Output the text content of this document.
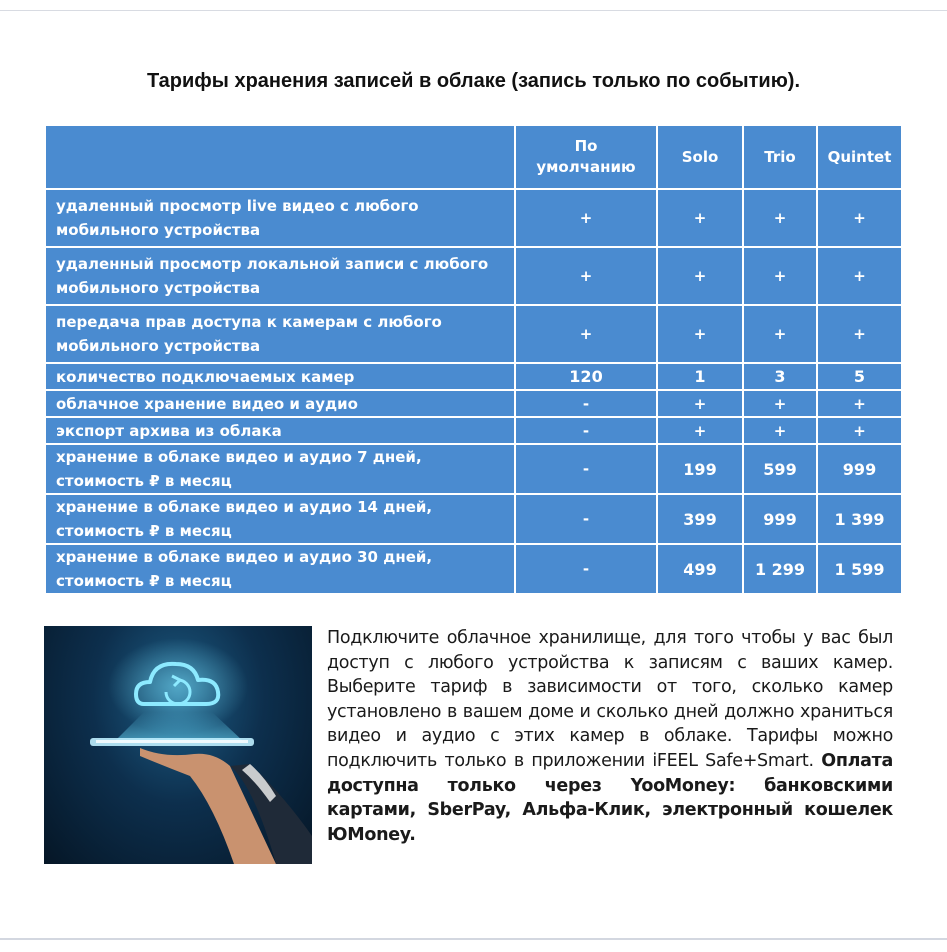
Тарифы хранения записей в облаке (запись только по событию).
	По умолчанию	Solo	Trio	Quintet
удаленный просмотр live видео с любого мобильного устройства	+	+	+	+
удаленный просмотр локальной записи с любого мобильного устройства	+	+	+	+
передача прав доступа к камерам с любого мобильного устройства	+	+	+	+
количество подключаемых камер	120	1	3	5
облачное хранение видео и аудио	-	+	+	+
экспорт архива из облака	-	+	+	+
хранение в облаке видео и аудио 7 дней, стоимость ₽ в месяц	-	199	599	999
хранение в облаке видео и аудио 14 дней, стоимость ₽ в месяц	-	399	999	1 399
хранение в облаке видео и аудио 30 дней, стоимость ₽ в месяц	-	499	1 299	1 599
Подключите облачное хранилище, для того чтобы у вас был доступ с любого устройства к записям с ваших камер. Выберите тариф в зависимости от того, сколько камер установлено в вашем доме и сколько дней должно храниться видео и аудио с этих камер в облаке. Тарифы можно подключить только в приложении iFEEL Safe+Smart. Оплата доступна только через YooMoney: банковскими картами, SberPay, Альфа-Клик, электронный кошелек ЮMoney.
